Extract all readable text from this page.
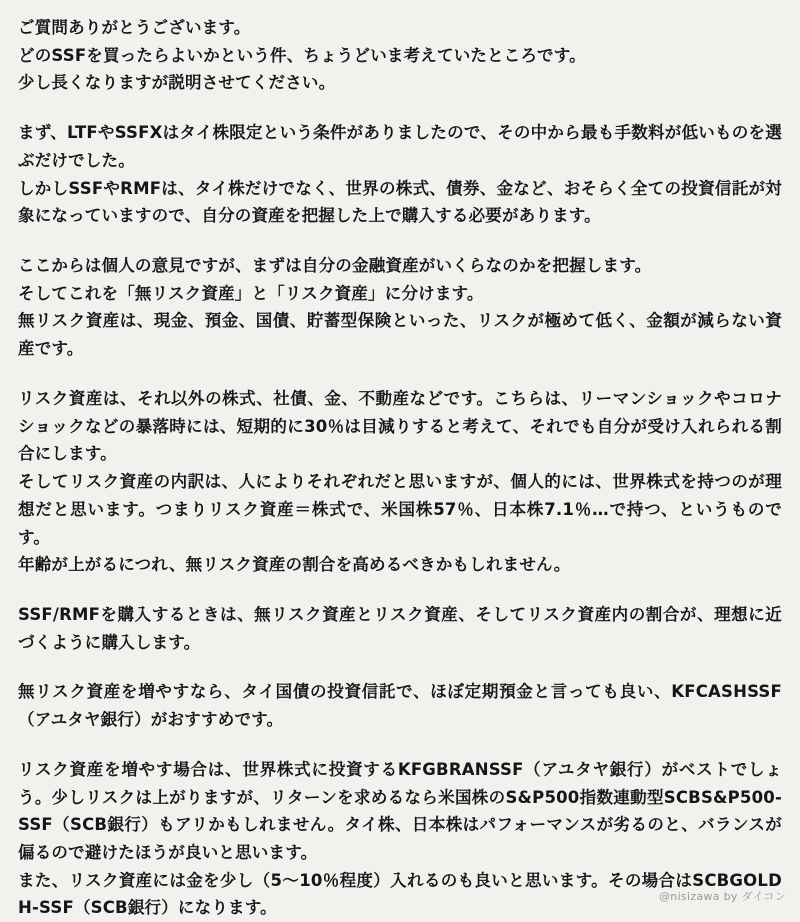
ご質問ありがとうございます。
どのSSFを買ったらよいかという件、ちょうどいま考えていたところです。
少し長くなりますが説明させてください。

まず、LTFやSSFXはタイ株限定という条件がありましたので、その中から最も手数料が低いものを選ぶだけでした。
しかしSSFやRMFは、タイ株だけでなく、世界の株式、債券、金など、おそらく全ての投資信託が対象になっていますので、自分の資産を把握した上で購入する必要があります。

ここからは個人の意見ですが、まずは自分の金融資産がいくらなのかを把握します。
そしてこれを「無リスク資産」と「リスク資産」に分けます。
無リスク資産は、現金、預金、国債、貯蓄型保険といった、リスクが極めて低く、金額が減らない資産です。

リスク資産は、それ以外の株式、社債、金、不動産などです。こちらは、リーマンショックやコロナショックなどの暴落時には、短期的に30％は目減りすると考えて、それでも自分が受け入れられる割合にします。
そしてリスク資産の内訳は、人によりそれぞれだと思いますが、個人的には、世界株式を持つのが理想だと思います。つまりリスク資産＝株式で、米国株57％、日本株7.1％…で持つ、というものです。
年齢が上がるにつれ、無リスク資産の割合を高めるべきかもしれません。

SSF/RMFを購入するときは、無リスク資産とリスク資産、そしてリスク資産内の割合が、理想に近づくように購入します。

無リスク資産を増やすなら、タイ国債の投資信託で、ほぼ定期預金と言っても良い、KFCASHSSF（アユタヤ銀行）がおすすめです。

リスク資産を増やす場合は、世界株式に投資するKFGBRANSSF（アユタヤ銀行）がベストでしょう。少しリスクは上がりますが、リターンを求めるなら米国株のS&P500指数連動型SCBS&P500-SSF（SCB銀行）もアリかもしれません。タイ株、日本株はパフォーマンスが劣るのと、バランスが偏るので避けたほうが良いと思います。
また、リスク資産には金を少し（5〜10％程度）入れるのも良いと思います。その場合はSCBGOLDH-SSF（SCB銀行）になります。

@nisizawa by ダイコン
